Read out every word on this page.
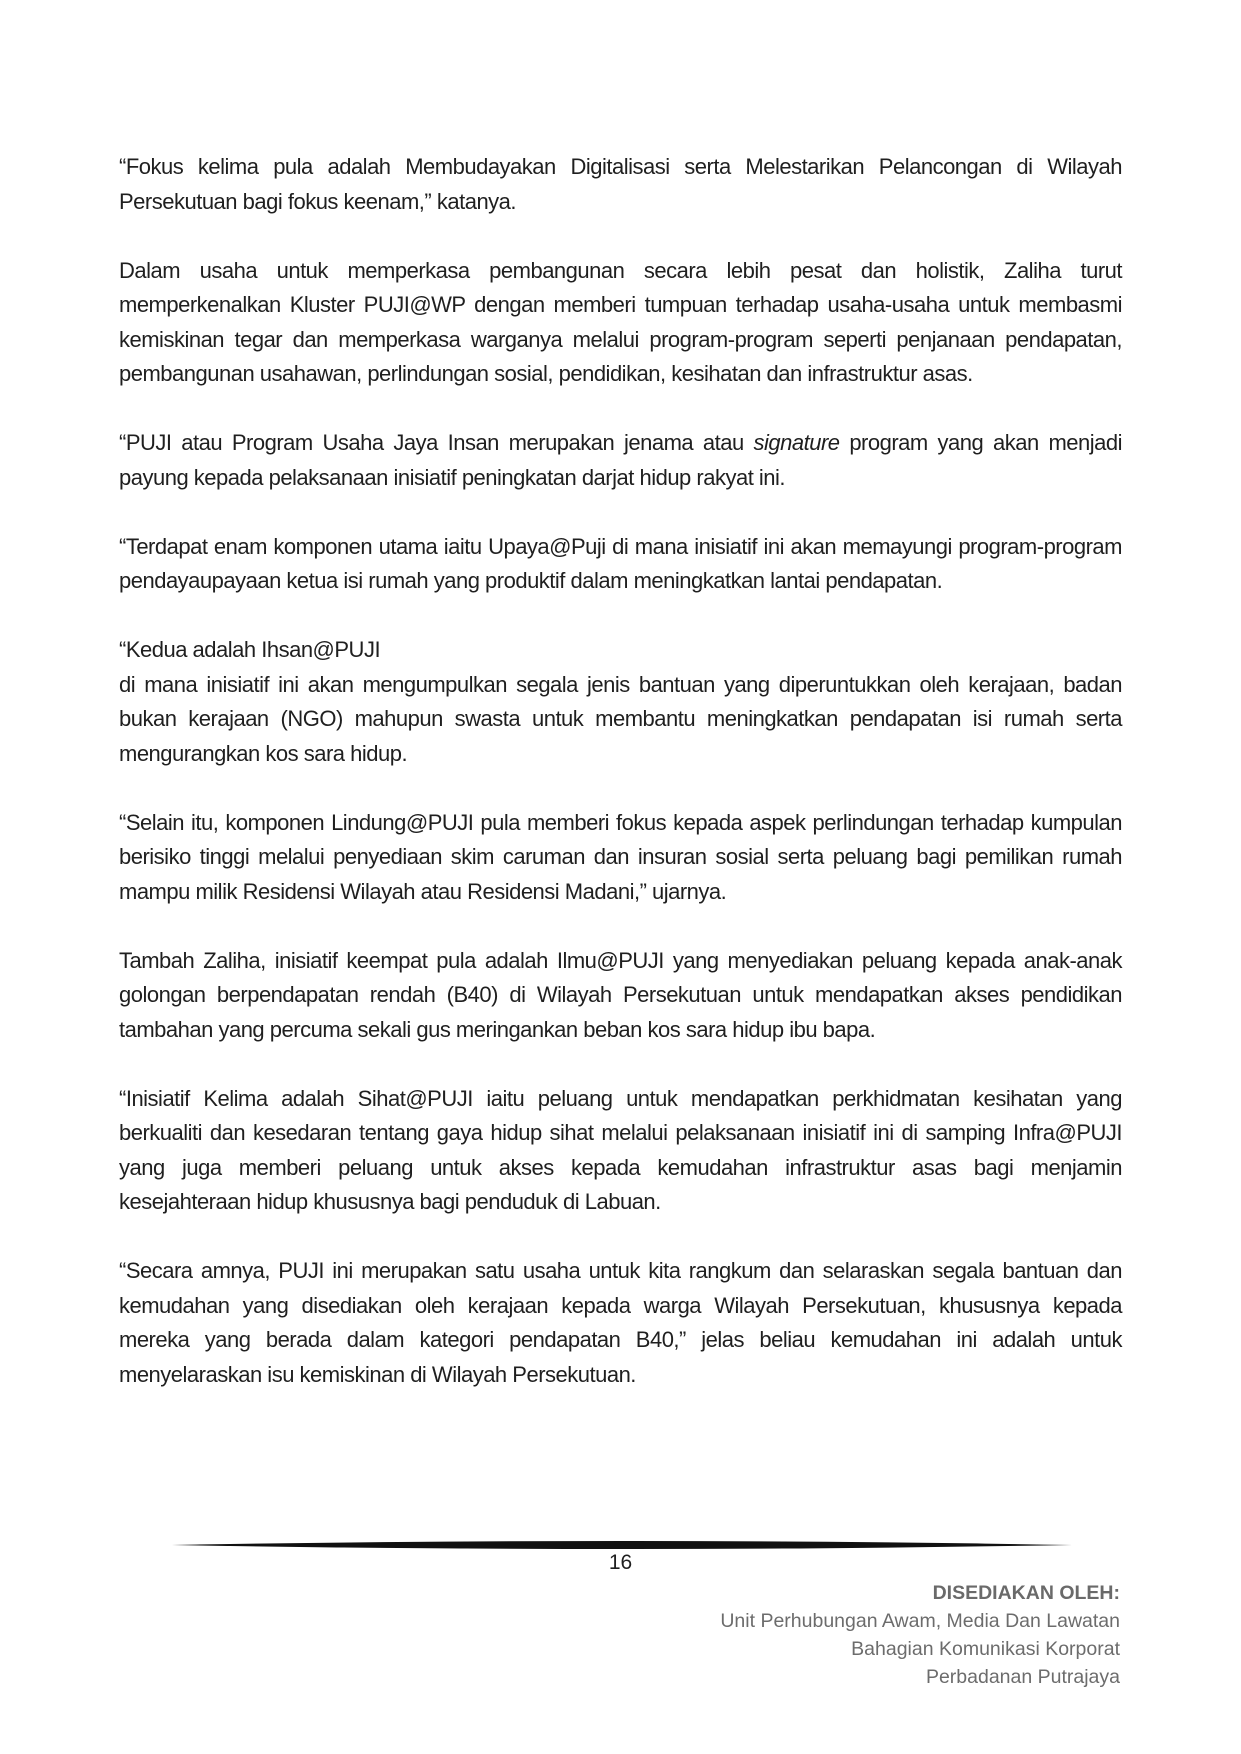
“Fokus kelima pula adalah Membudayakan Digitalisasi serta Melestarikan Pelancongan di Wilayah Persekutuan bagi fokus keenam,” katanya.

Dalam usaha untuk memperkasa pembangunan secara lebih pesat dan holistik, Zaliha turut memperkenalkan Kluster PUJI@WP dengan memberi tumpuan terhadap usaha-usaha untuk membasmi kemiskinan tegar dan memperkasa warganya melalui program-program seperti penjanaan pendapatan, pembangunan usahawan, perlindungan sosial, pendidikan, kesihatan dan infrastruktur asas.

“PUJI atau Program Usaha Jaya Insan merupakan jenama atau signature program yang akan menjadi payung kepada pelaksanaan inisiatif peningkatan darjat hidup rakyat ini.

“Terdapat enam komponen utama iaitu Upaya@Puji di mana inisiatif ini akan memayungi program-program pendayaupayaan ketua isi rumah yang produktif dalam meningkatkan lantai pendapatan.

“Kedua adalah Ihsan@PUJI
di mana inisiatif ini akan mengumpulkan segala jenis bantuan yang diperuntukkan oleh kerajaan, badan bukan kerajaan (NGO) mahupun swasta untuk membantu meningkatkan pendapatan isi rumah serta mengurangkan kos sara hidup.

“Selain itu, komponen Lindung@PUJI pula memberi fokus kepada aspek perlindungan terhadap kumpulan berisiko tinggi melalui penyediaan skim caruman dan insuran sosial serta peluang bagi pemilikan rumah mampu milik Residensi Wilayah atau Residensi Madani,” ujarnya.

Tambah Zaliha, inisiatif keempat pula adalah Ilmu@PUJI yang menyediakan peluang kepada anak-anak golongan berpendapatan rendah (B40) di Wilayah Persekutuan untuk mendapatkan akses pendidikan tambahan yang percuma sekali gus meringankan beban kos sara hidup ibu bapa.

“Inisiatif Kelima adalah Sihat@PUJI iaitu peluang untuk mendapatkan perkhidmatan kesihatan yang berkualiti dan kesedaran tentang gaya hidup sihat melalui pelaksanaan inisiatif ini di samping Infra@PUJI yang juga memberi peluang untuk akses kepada kemudahan infrastruktur asas bagi menjamin kesejahteraan hidup khususnya bagi penduduk di Labuan.

“Secara amnya, PUJI ini merupakan satu usaha untuk kita rangkum dan selaraskan segala bantuan dan kemudahan yang disediakan oleh kerajaan kepada warga Wilayah Persekutuan, khususnya kepada mereka yang berada dalam kategori pendapatan B40,” jelas beliau kemudahan ini adalah untuk menyelaraskan isu kemiskinan di Wilayah Persekutuan.

16
DISEDIAKAN OLEH:
Unit Perhubungan Awam, Media Dan Lawatan
Bahagian Komunikasi Korporat
Perbadanan Putrajaya
